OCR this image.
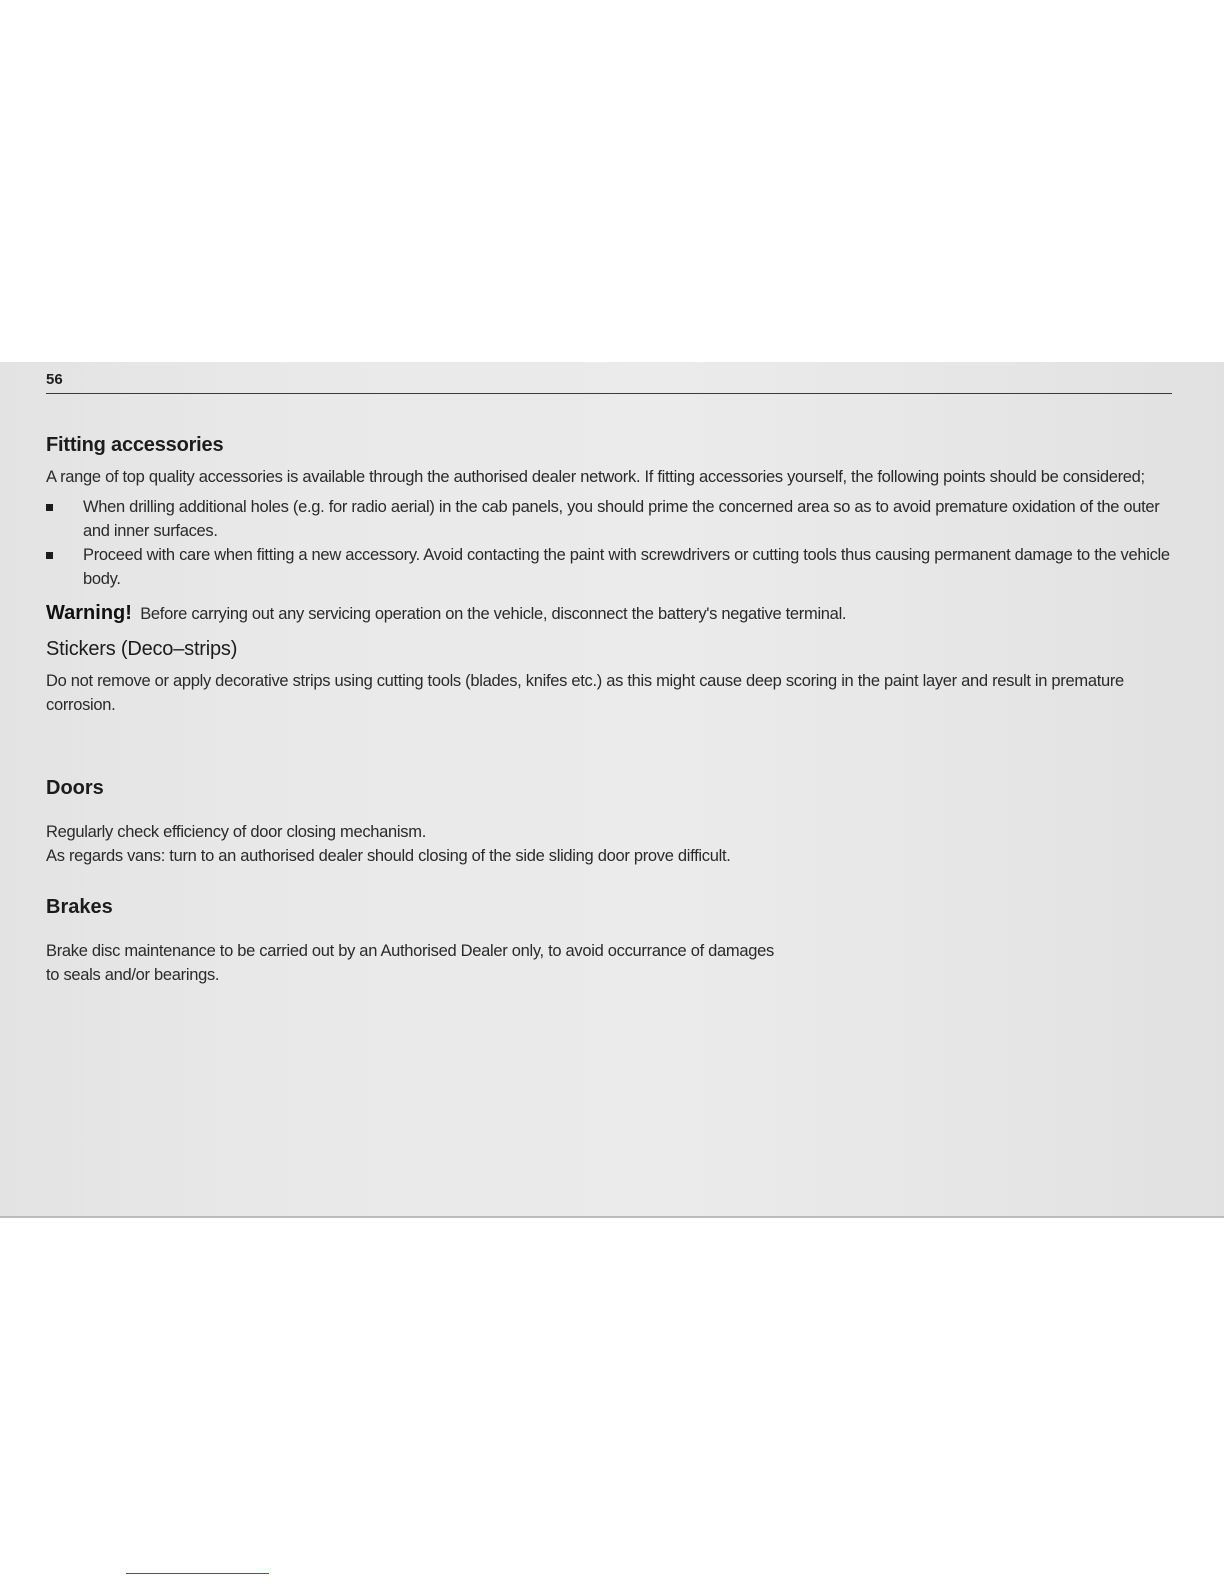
56
Fitting accessories

A range of top quality accessories is available through the authorised dealer network. If fitting accessories yourself, the following points should be considered;

When drilling additional holes (e.g. for radio aerial) in the cab panels, you should prime the concerned area so as to avoid premature oxidation of the outer and inner surfaces.
Proceed with care when fitting a new accessory. Avoid contacting the paint with screwdrivers or cutting tools thus causing permanent damage to the vehicle body.
Warning! Before carrying out any servicing operation on the vehicle, disconnect the battery's negative terminal.
Stickers (Deco–strips)

Do not remove or apply decorative strips using cutting tools (blades, knifes etc.) as this might cause deep scoring in the paint layer and result in premature corrosion.

Doors

Regularly check efficiency of door closing mechanism.

As regards vans: turn to an authorised dealer should closing of the side sliding door prove difficult.

Brakes

Brake disc maintenance to be carried out by an Authorised Dealer only, to avoid occurrance of damages to seals and/or bearings.
